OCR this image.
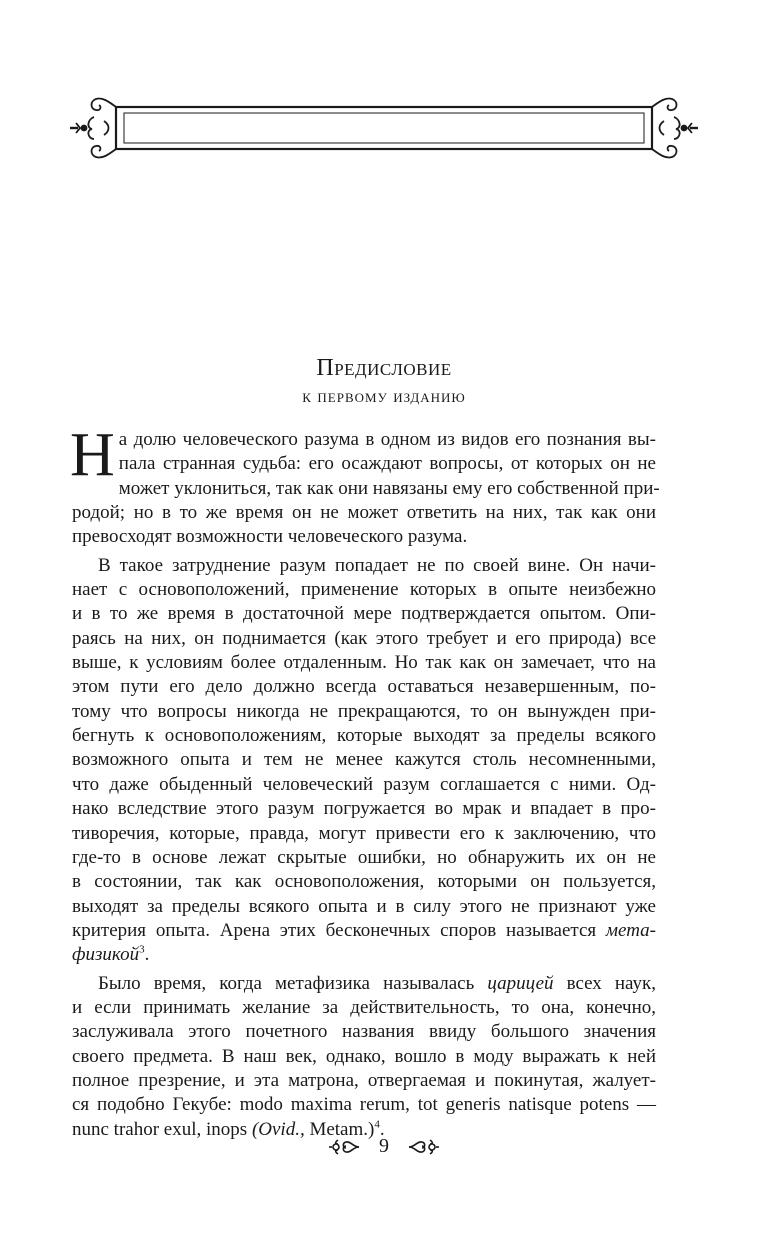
Предисловие
к первому изданию

Н а долю человеческого разума в одном из видов его познания вы-
пала странная судьба: его осаждают вопросы, от которых он не
может уклониться, так как они навязаны ему его собственной при-
родой; но в то же время он не может ответить на них, так как они
превосходят возможности человеческого разума.

В такое затруднение разум попадает не по своей вине. Он начи-
нает с основоположений, применение которых в опыте неизбежно
и в то же время в достаточной мере подтверждается опытом. Опи-
раясь на них, он поднимается (как этого требует и его природа) все
выше, к условиям более отдаленным. Но так как он замечает, что на
этом пути его дело должно всегда оставаться незавершенным, по-
тому что вопросы никогда не прекращаются, то он вынужден при-
бегнуть к основоположениям, которые выходят за пределы всякого
возможного опыта и тем не менее кажутся столь несомненными,
что даже обыденный человеческий разум соглашается с ними. Од-
нако вследствие этого разум погружается во мрак и впадает в про-
тиворечия, которые, правда, могут привести его к заключению, что
где-то в основе лежат скрытые ошибки, но обнаружить их он не
в состоянии, так как основоположения, которыми он пользуется,
выходят за пределы всякого опыта и в силу этого не признают уже
критерия опыта. Арена этих бесконечных споров называется мета-
физикой$^3$.

Было время, когда метафизика называлась царицей всех наук,
и если принимать желание за действительность, то она, конечно,
заслуживала этого почетного названия ввиду большого значения
своего предмета. В наш век, однако, вошло в моду выражать к ней
полное презрение, и эта матрона, отвергаемая и покинутая, жалует-
ся подобно Гекубе: modo maxima rerum, tot generis natisque potens —
nunc trahor exul, inops (Ovid., Metam.)$^4$.

9
